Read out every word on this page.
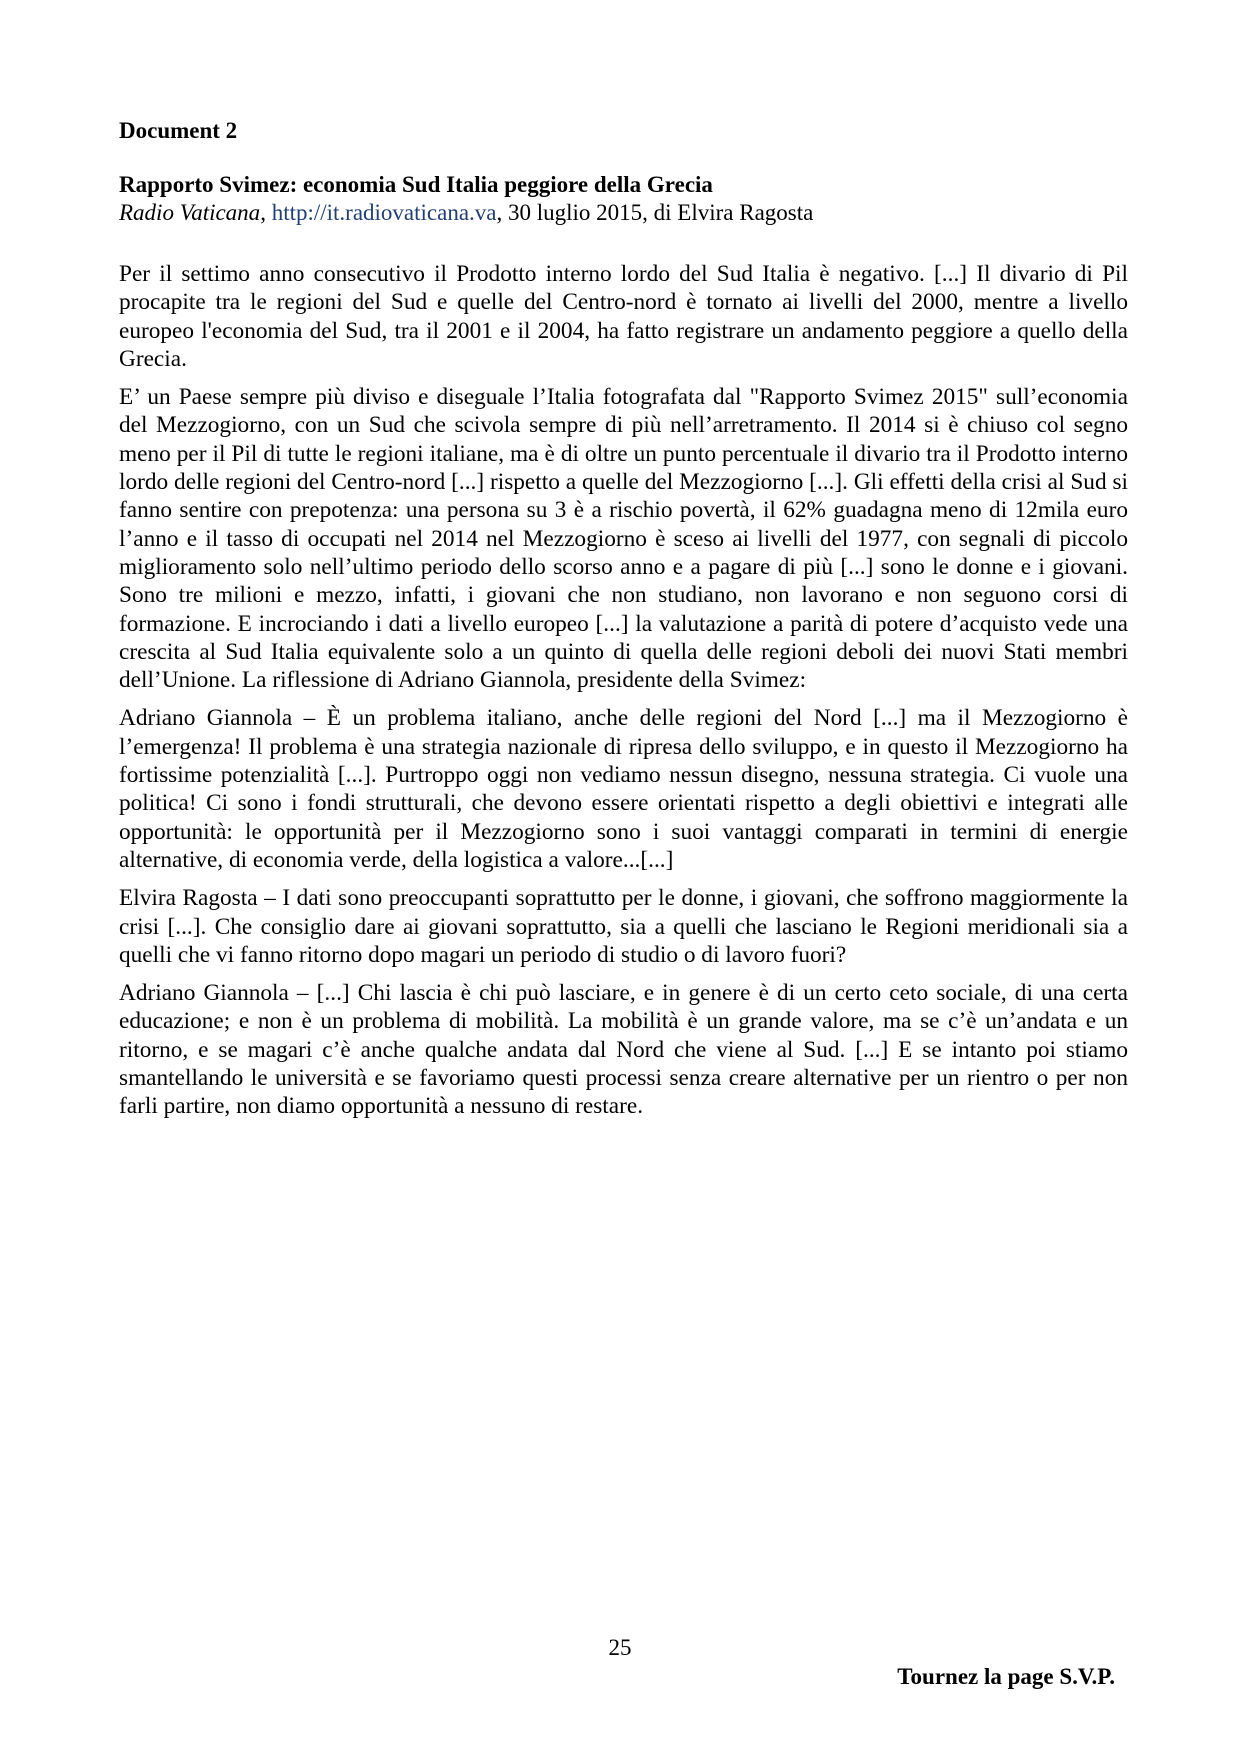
Document 2
Rapporto Svimez: economia Sud Italia peggiore della Grecia
Radio Vaticana, http://it.radiovaticana.va, 30 luglio 2015, di Elvira Ragosta

Per il settimo anno consecutivo il Prodotto interno lordo del Sud Italia è negativo. [...] Il divario di Pil procapite tra le regioni del Sud e quelle del Centro-nord è tornato ai livelli del 2000, mentre a livello europeo l'economia del Sud, tra il 2001 e il 2004, ha fatto registrare un andamento peggiore a quello della Grecia.

E’ un Paese sempre più diviso e diseguale l’Italia fotografata dal "Rapporto Svimez 2015" sull’economia del Mezzogiorno, con un Sud che scivola sempre di più nell’arretramento. Il 2014 si è chiuso col segno meno per il Pil di tutte le regioni italiane, ma è di oltre un punto percentuale il divario tra il Prodotto interno lordo delle regioni del Centro-nord [...] rispetto a quelle del Mezzogiorno [...]. Gli effetti della crisi al Sud si fanno sentire con prepotenza: una persona su 3 è a rischio povertà, il 62% guadagna meno di 12mila euro l’anno e il tasso di occupati nel 2014 nel Mezzogiorno è sceso ai livelli del 1977, con segnali di piccolo miglioramento solo nell’ultimo periodo dello scorso anno e a pagare di più [...] sono le donne e i giovani. Sono tre milioni e mezzo, infatti, i giovani che non studiano, non lavorano e non seguono corsi di formazione. E incrociando i dati a livello europeo [...] la valutazione a parità di potere d’acquisto vede una crescita al Sud Italia equivalente solo a un quinto di quella delle regioni deboli dei nuovi Stati membri dell’Unione. La riflessione di Adriano Giannola, presidente della Svimez:

Adriano Giannola – È un problema italiano, anche delle regioni del Nord [...] ma il Mezzogiorno è l’emergenza! Il problema è una strategia nazionale di ripresa dello sviluppo, e in questo il Mezzogiorno ha fortissime potenzialità [...]. Purtroppo oggi non vediamo nessun disegno, nessuna strategia. Ci vuole una politica! Ci sono i fondi strutturali, che devono essere orientati rispetto a degli obiettivi e integrati alle opportunità: le opportunità per il Mezzogiorno sono i suoi vantaggi comparati in termini di energie alternative, di economia verde, della logistica a valore...[...]

Elvira Ragosta – I dati sono preoccupanti soprattutto per le donne, i giovani, che soffrono maggiormente la crisi [...]. Che consiglio dare ai giovani soprattutto, sia a quelli che lasciano le Regioni meridionali sia a quelli che vi fanno ritorno dopo magari un periodo di studio o di lavoro fuori?

Adriano Giannola – [...] Chi lascia è chi può lasciare, e in genere è di un certo ceto sociale, di una certa educazione; e non è un problema di mobilità. La mobilità è un grande valore, ma se c’è un’andata e un ritorno, e se magari c’è anche qualche andata dal Nord che viene al Sud. [...] E se intanto poi stiamo smantellando le università e se favoriamo questi processi senza creare alternative per un rientro o per non farli partire, non diamo opportunità a nessuno di restare.

25
Tournez la page S.V.P.
